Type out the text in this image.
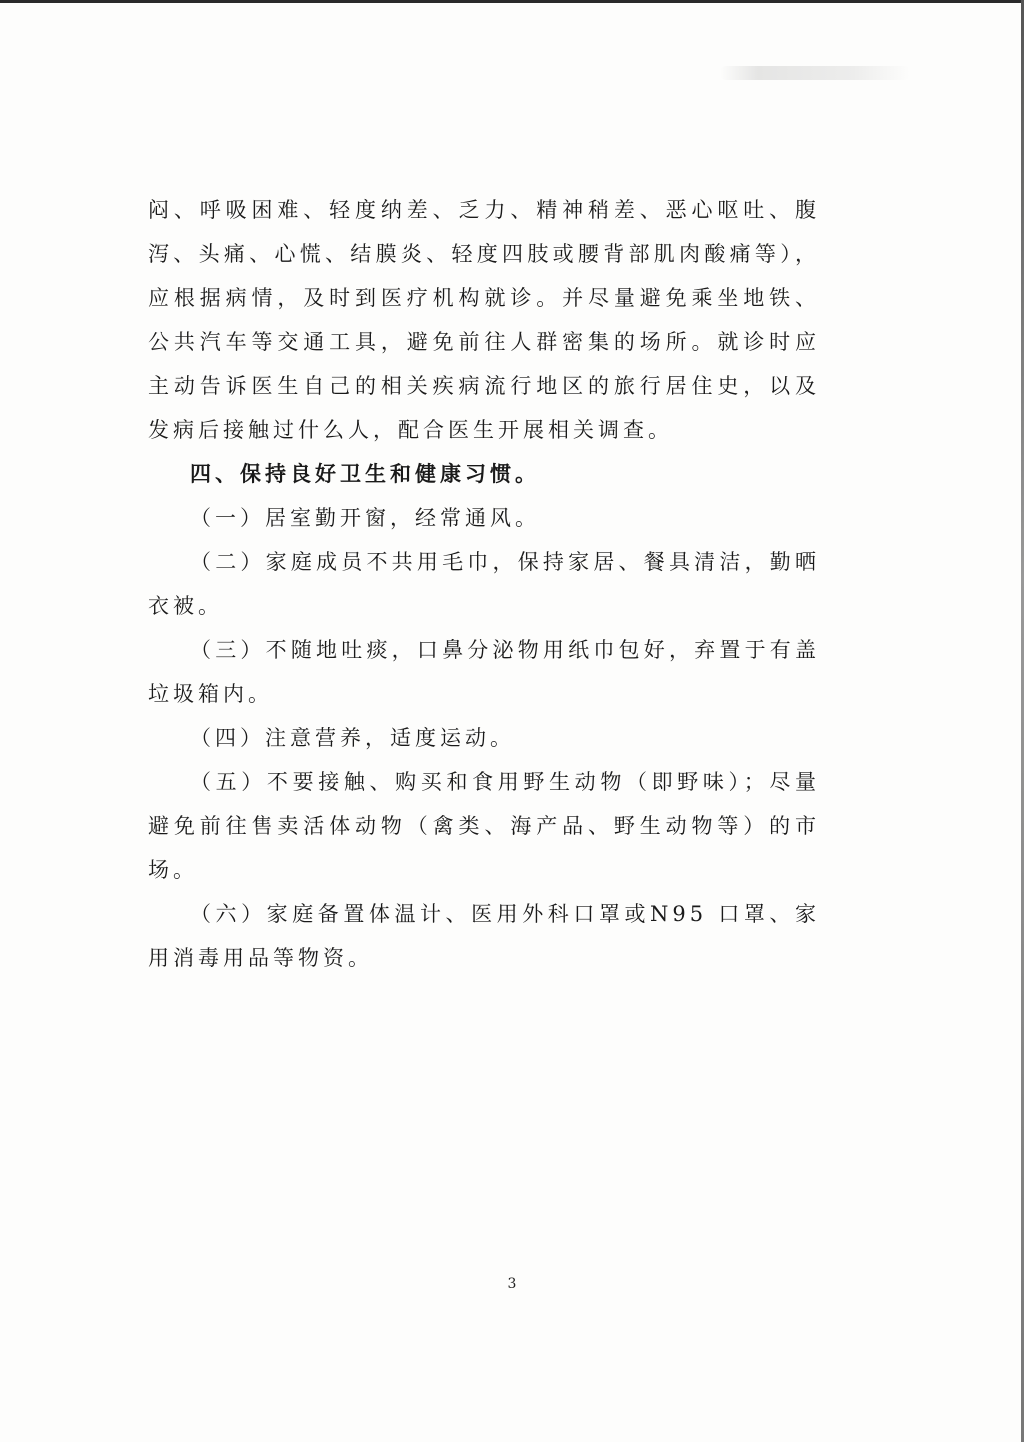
闷、呼吸困难、轻度纳差、乏力、精神稍差、恶心呕吐、腹泻、头痛、心慌、结膜炎、轻度四肢或腰背部肌肉酸痛等），应根据病情，及时到医疗机构就诊。并尽量避免乘坐地铁、公共汽车等交通工具，避免前往人群密集的场所。就诊时应主动告诉医生自己的相关疾病流行地区的旅行居住史，以及发病后接触过什么人，配合医生开展相关调查。

四、保持良好卫生和健康习惯。

（一）居室勤开窗，经常通风。

（二）家庭成员不共用毛巾，保持家居、餐具清洁，勤晒衣被。

（三）不随地吐痰，口鼻分泌物用纸巾包好，弃置于有盖垃圾箱内。

（四）注意营养，适度运动。

（五）不要接触、购买和食用野生动物（即野味）；尽量避免前往售卖活体动物（禽类、海产品、野生动物等）的市场。

（六）家庭备置体温计、医用外科口罩或N95 口罩、家用消毒用品等物资。

3
